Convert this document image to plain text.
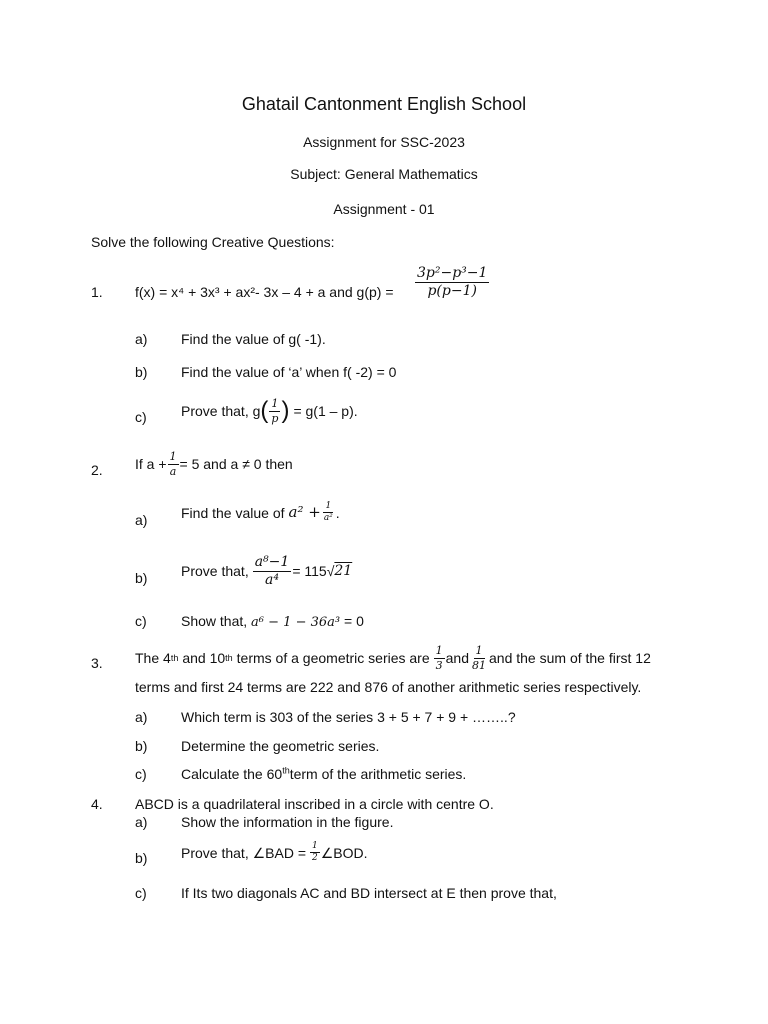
Ghatail Cantonment English School
Assignment for SSC-2023
Subject: General Mathematics
Assignment - 01
Solve the following Creative Questions:
1. f(x) = x⁴ + 3x³ + ax²- 3x – 4 + a and $g(p) = \frac{\text{3p²−p³−1}}{p(p-1)}$
a) Find the value of g( -1).
b) Find the value of ‘a’ when f( -2) = 0
c) Prove that, g ( $\frac{1}{p}$ ) = g(1 – p).
2. If $a + \frac{1}{a} = 5$ and a ≠ 0 then
a) Find the value of $a^2 + \frac{1}{\text{a²}}$ .
b) Prove that, $\frac{\text{a⁸−1}}{\text{a⁴}} = 115$ √ 21
c) Show that, a⁶ − 1 − 36a³ = 0
3. The 4 th and 10 th terms of a geometric series are $\frac{1}{3}$ and $\frac{1}{81}$ and the sum of the first 12
terms and first 24 terms are 222 and 876 of another arithmetic series respectively.
a) Which term is 303 of the series 3 + 5 + 7 + 9 + ……..?
b) Determine the geometric series.
c) Calculate the 60thterm of the arithmetic series.
4. ABCD is a quadrilateral inscribed in a circle with centre O.
a) Show the information in the figure.
b) Prove that, ∠BAD = $\frac{1}{2}$ ∠BOD.
c) If Its two diagonals AC and BD intersect at E then prove that,
